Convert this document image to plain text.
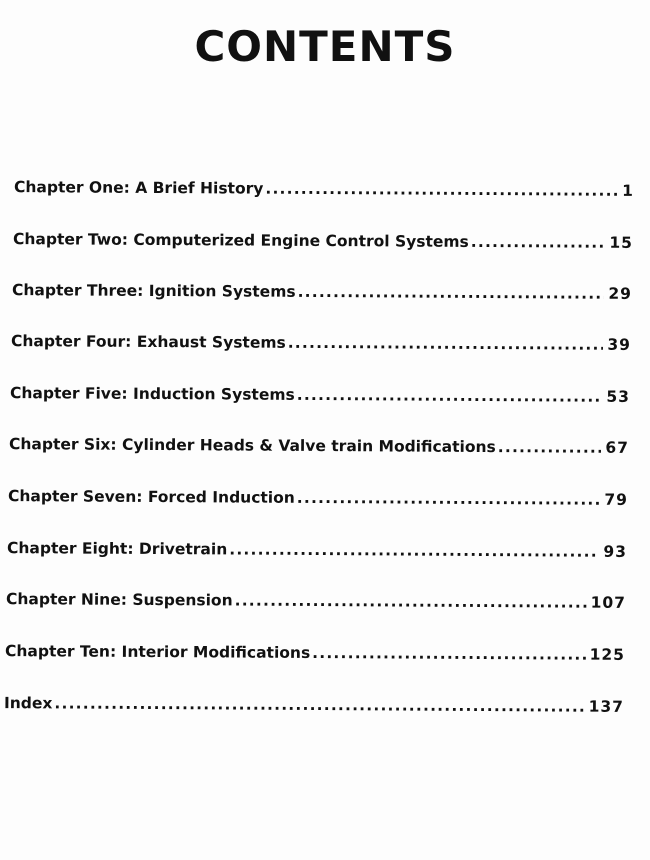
CONTENTS
Chapter One: A Brief History .....	1
Chapter Two: Computerized Engine Control Systems .....	15
Chapter Three: Ignition Systems .....	29
Chapter Four: Exhaust Systems .....	39
Chapter Five: Induction Systems .....	53
Chapter Six: Cylinder Heads & Valve train Modifications .....	67
Chapter Seven: Forced Induction .....	79
Chapter Eight: Drivetrain .....	93
Chapter Nine: Suspension .....	107
Chapter Ten: Interior Modifications .....	125
Index .....	137
